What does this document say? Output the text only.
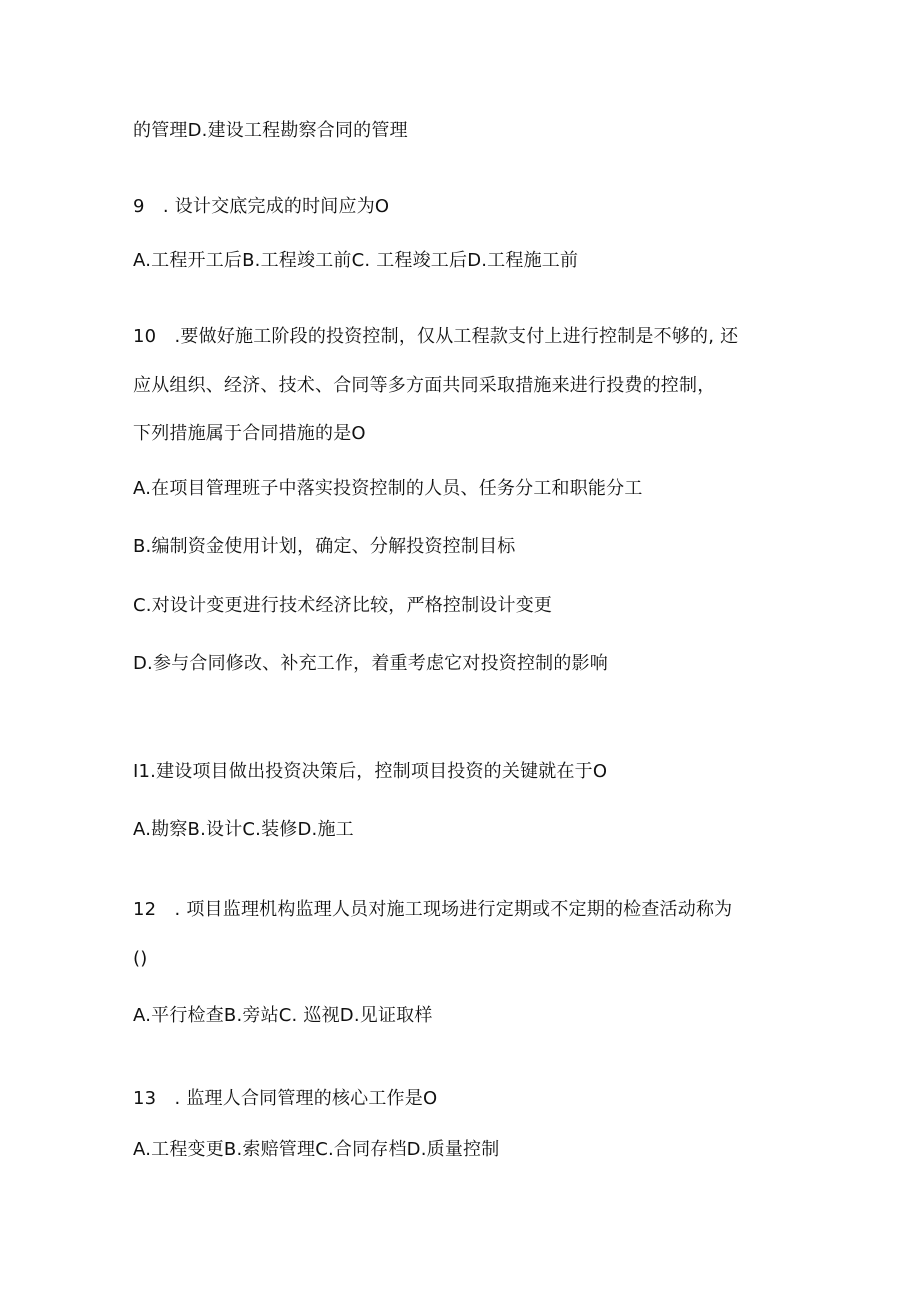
的管理D.建设工程勘察合同的管理
9　. 设计交底完成的时间应为O
A.工程开工后B.工程竣工前C. 工程竣工后D.工程施工前
10　.要做好施工阶段的投资控制，仅从工程款支付上进行控制是不够的, 还
应从组织、经济、技术、合同等多方面共同采取措施来进行投费的控制，
下列措施属于合同措施的是O
A.在项目管理班子中落实投资控制的人员、任务分工和职能分工
B.编制资金使用计划，确定、分解投资控制目标
C.对设计变更进行技术经济比较，严格控制设计变更
D.参与合同修改、补充工作，着重考虑它对投资控制的影响
I1.建设项目做出投资决策后，控制项目投资的关键就在于O
A.勘察B.设计C.装修D.施工
12　. 项目监理机构监理人员对施工现场进行定期或不定期的检查活动称为
()
A.平行检查B.旁站C. 巡视D.见证取样
13　. 监理人合同管理的核心工作是O
A.工程变更B.索赔管理C.合同存档D.质量控制
